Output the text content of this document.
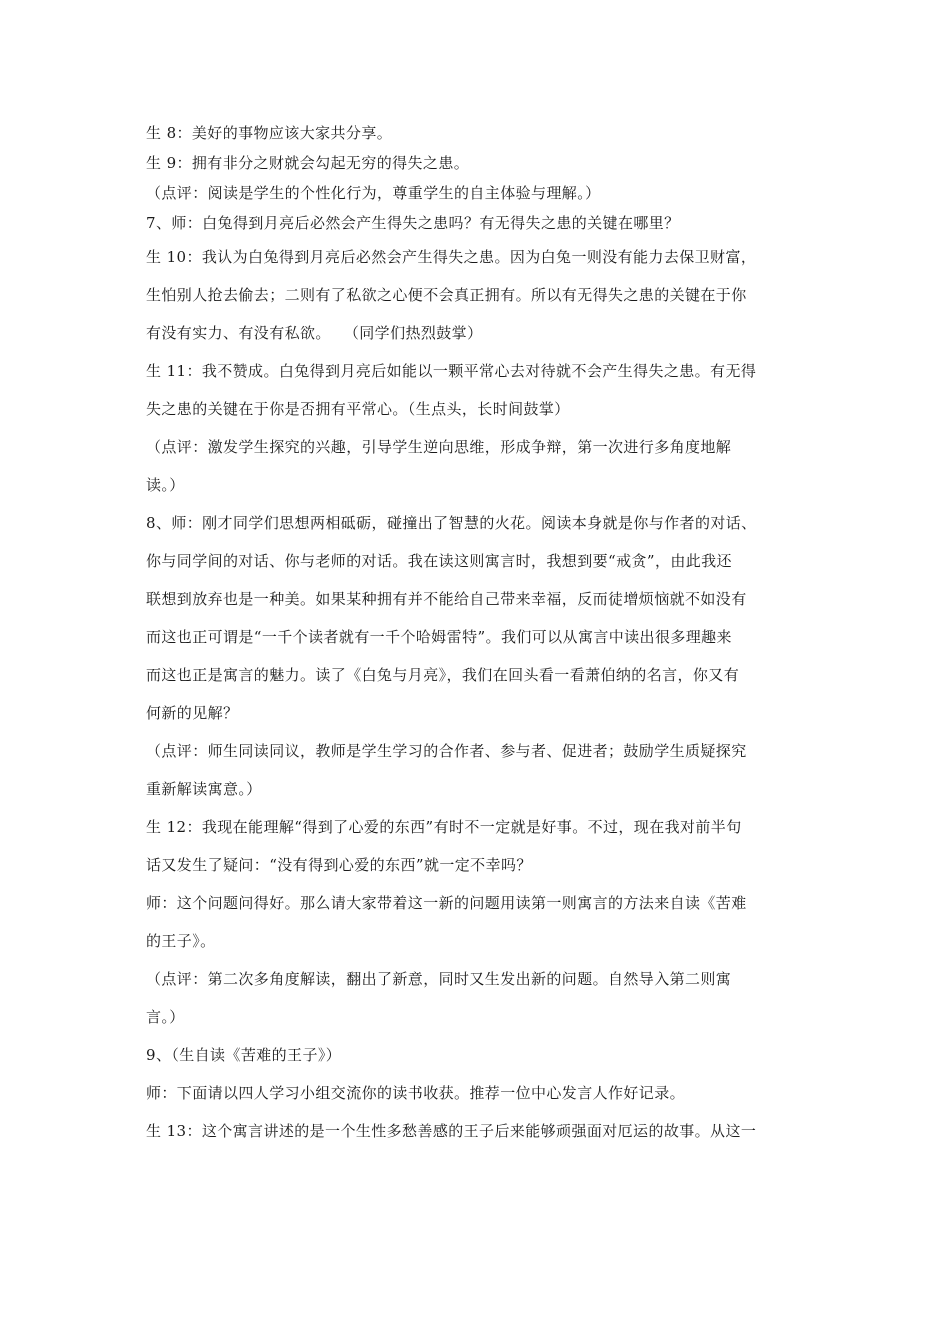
生 8：美好的事物应该大家共分享。
生 9：拥有非分之财就会勾起无穷的得失之患。
（点评：阅读是学生的个性化行为，尊重学生的自主体验与理解。）
7、师：白兔得到月亮后必然会产生得失之患吗？有无得失之患的关键在哪里？
生 10：我认为白兔得到月亮后必然会产生得失之患。因为白兔一则没有能力去保卫财富，
生怕别人抢去偷去；二则有了私欲之心便不会真正拥有。所以有无得失之患的关键在于你
有没有实力、有没有私欲。　 （同学们热烈鼓掌）
生 11：我不赞成。白兔得到月亮后如能以一颗平常心去对待就不会产生得失之患。有无得
失之患的关键在于你是否拥有平常心。（生点头，长时间鼓掌）
（点评：激发学生探究的兴趣，引导学生逆向思维，形成争辩，第一次进行多角度地解
读。）
8、师：刚才同学们思想两相砥砺，碰撞出了智慧的火花。阅读本身就是你与作者的对话、
你与同学间的对话、你与老师的对话。我在读这则寓言时，我想到要“戒贪”，由此我还
联想到放弃也是一种美。如果某种拥有并不能给自己带来幸福，反而徒增烦恼就不如没有
而这也正可谓是“一千个读者就有一千个哈姆雷特”。我们可以从寓言中读出很多理趣来
而这也正是寓言的魅力。读了《白兔与月亮》，我们在回头看一看萧伯纳的名言，你又有
何新的见解？
（点评：师生同读同议，教师是学生学习的合作者、参与者、促进者；鼓励学生质疑探究
重新解读寓意。）
生 12：我现在能理解“得到了心爱的东西”有时不一定就是好事。不过，现在我对前半句
话又发生了疑问：“没有得到心爱的东西”就一定不幸吗？
师：这个问题问得好。那么请大家带着这一新的问题用读第一则寓言的方法来自读《苦难
的王子》。
（点评：第二次多角度解读，翻出了新意，同时又生发出新的问题。自然导入第二则寓
言。）
9、（生自读《苦难的王子》）
师：下面请以四人学习小组交流你的读书收获。推荐一位中心发言人作好记录。
生 13：这个寓言讲述的是一个生性多愁善感的王子后来能够顽强面对厄运的故事。从这一
